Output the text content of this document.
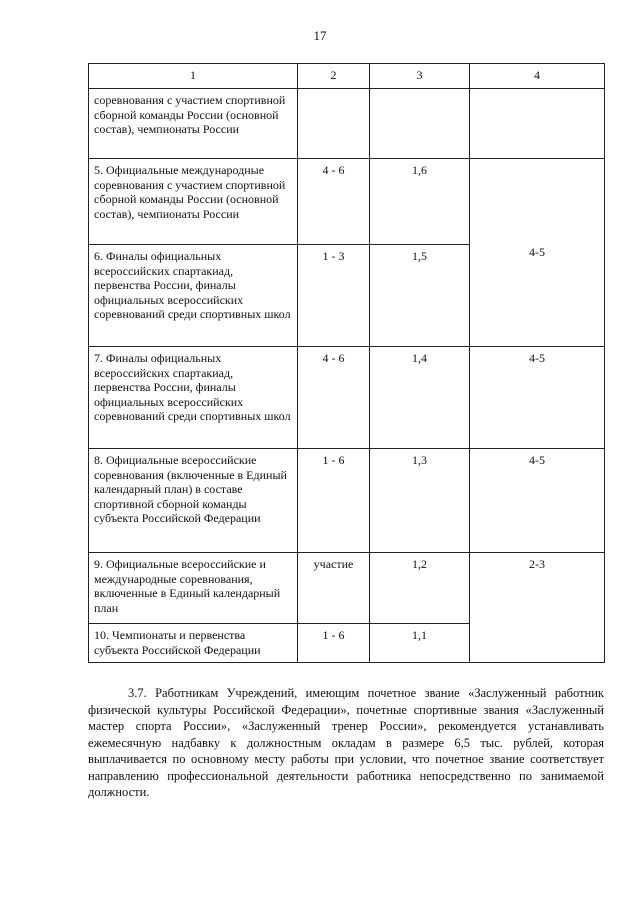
17
1	2	3	4
соревнования с участием спортивной сборной команды России (основной состав), чемпионаты России			
5. Официальные международные соревнования с участием спортивной сборной команды России (основной состав), чемпионаты России	4 - 6	1,6	4-5
6. Финалы официальных всероссийских спартакиад, первенства России, финалы официальных всероссийских соревнований среди спортивных школ	1 - 3	1,5	
7. Финалы официальных всероссийских спартакиад, первенства России, финалы официальных всероссийских соревнований среди спортивных школ	4 - 6	1,4	4-5
8. Официальные всероссийские соревнования (включенные в Единый календарный план) в составе спортивной сборной команды субъекта Российской Федерации	1 - 6	1,3	4-5
9. Официальные всероссийские и международные соревнования, включенные в Единый календарный план	участие	1,2	2-3
10. Чемпионаты и первенства субъекта Российской Федерации	1 - 6	1,1	

3.7. Работникам Учреждений, имеющим почетное звание «Заслуженный работник физической культуры Российской Федерации», почетные спортивные звания «Заслуженный мастер спорта России», «Заслуженный тренер России», рекомендуется устанавливать ежемесячную надбавку к должностным окладам в размере 6,5 тыс. рублей, которая выплачивается по основному месту работы при условии, что почетное звание соответствует направлению профессиональной деятельности работника непосредственно по занимаемой должности.
